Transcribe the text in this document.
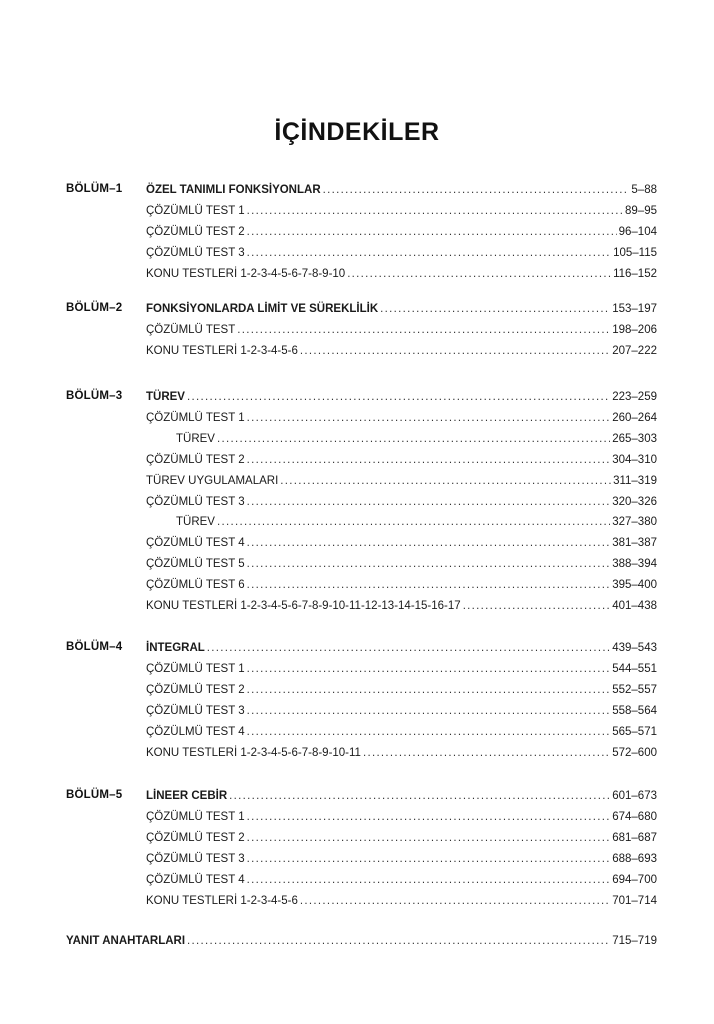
İÇİNDEKİLER
BÖLÜM–1 ÖZEL TANIMLI FONKSİYONLAR .....	5–88
ÇÖZÜMLÜ TEST 1 .....	89–95
ÇÖZÜMLÜ TEST 2 .....	96–104
ÇÖZÜMLÜ TEST 3 .....	105–115
KONU TESTLERİ 1-2-3-4-5-6-7-8-9-10 .....	116–152
BÖLÜM–2 FONKSİYONLARDA LİMİT VE SÜREKLİLİK .....	153–197
ÇÖZÜMLÜ TEST .....	198–206
KONU TESTLERİ 1-2-3-4-5-6 .....	207–222
BÖLÜM–3 TÜREV .....	223–259
ÇÖZÜMLÜ TEST 1 .....	260–264
TÜREV .....	265–303
ÇÖZÜMLÜ TEST 2 .....	304–310
TÜREV UYGULAMALARI .....	311–319
ÇÖZÜMLÜ TEST 3 .....	320–326
TÜREV .....	327–380
ÇÖZÜMLÜ TEST 4 .....	381–387
ÇÖZÜMLÜ TEST 5 .....	388–394
ÇÖZÜMLÜ TEST 6 .....	395–400
KONU TESTLERİ 1-2-3-4-5-6-7-8-9-10-11-12-13-14-15-16-17 .....	401–438
BÖLÜM–4 İNTEGRAL .....	439–543
ÇÖZÜMLÜ TEST 1 .....	544–551
ÇÖZÜMLÜ TEST 2 .....	552–557
ÇÖZÜMLÜ TEST 3 .....	558–564
ÇÖZÜLMÜ TEST 4 .....	565–571
KONU TESTLERİ 1-2-3-4-5-6-7-8-9-10-11 .....	572–600
BÖLÜM–5 LİNEER CEBİR .....	601–673
ÇÖZÜMLÜ TEST 1 .....	674–680
ÇÖZÜMLÜ TEST 2 .....	681–687
ÇÖZÜMLÜ TEST 3 .....	688–693
ÇÖZÜMLÜ TEST 4 .....	694–700
KONU TESTLERİ 1-2-3-4-5-6 .....	701–714
YANIT ANAHTARLARI .....	715–719
